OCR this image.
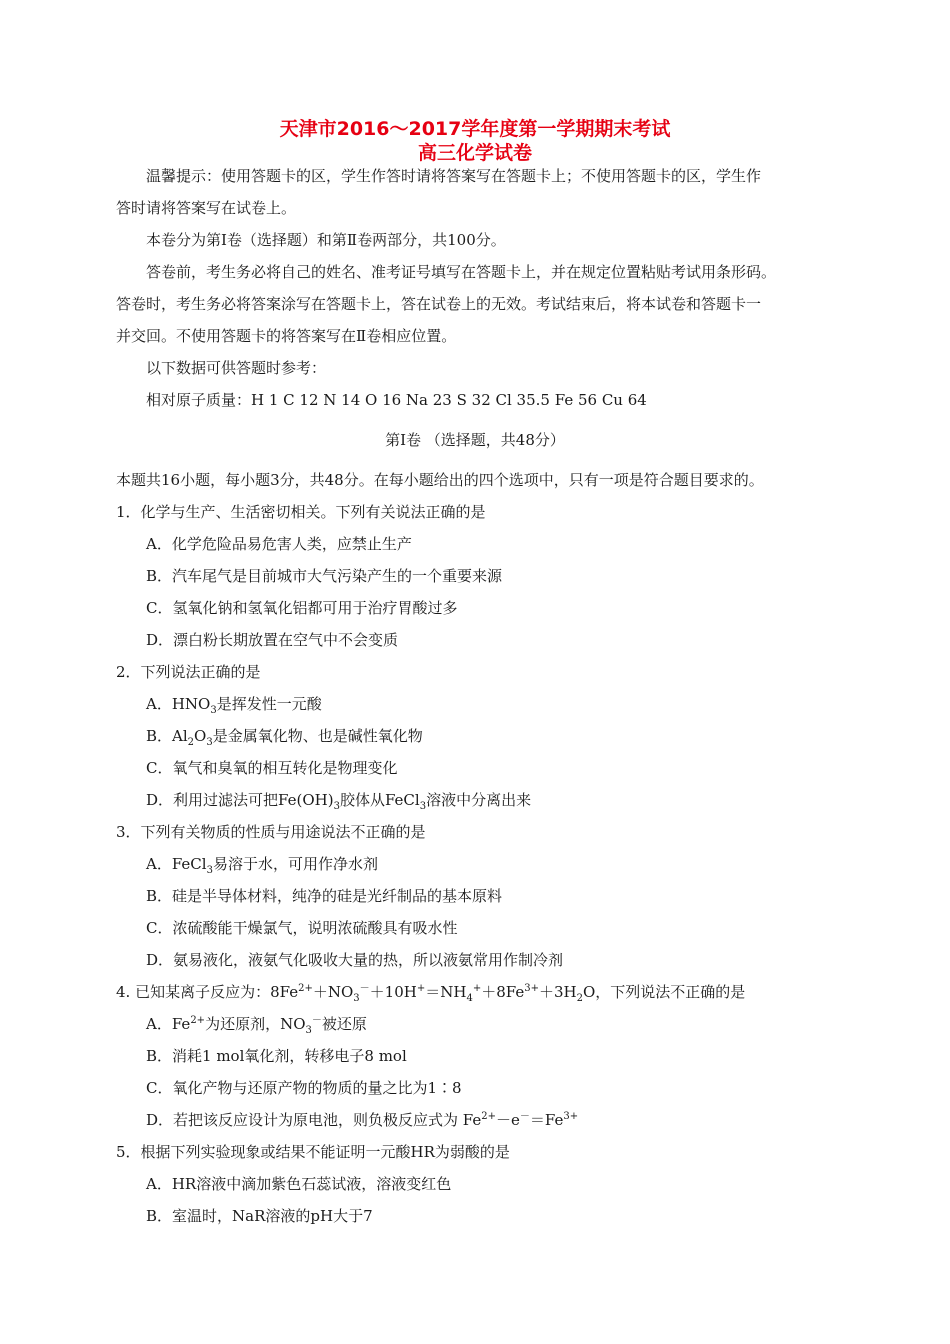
天津市2016～2017学年度第一学期期末考试
高三化学试卷
温馨提示：使用答题卡的区，学生作答时请将答案写在答题卡上；不使用答题卡的区，学生作
答时请将答案写在试卷上。
本卷分为第Ⅰ卷（选择题）和第Ⅱ卷两部分，共100分。
答卷前，考生务必将自己的姓名、准考证号填写在答题卡上，并在规定位置粘贴考试用条形码。
答卷时，考生务必将答案涂写在答题卡上，答在试卷上的无效。考试结束后，将本试卷和答题卡一
并交回。不使用答题卡的将答案写在Ⅱ卷相应位置。
以下数据可供答题时参考：
相对原子质量：H 1 C 12 N 14 O 16 Na 23 S 32 Cl 35.5 Fe 56 Cu 64
第Ⅰ卷 （选择题，共48分）
本题共16小题，每小题3分，共48分。在每小题给出的四个选项中，只有一项是符合题目要求的。
1．化学与生产、生活密切相关。下列有关说法正确的是
A．化学危险品易危害人类，应禁止生产
B．汽车尾气是目前城市大气污染产生的一个重要来源
C．氢氧化钠和氢氧化铝都可用于治疗胃酸过多
D．漂白粉长期放置在空气中不会变质
2．下列说法正确的是
A．$HNO_3$是挥发性一元酸
B．$Al_2O_3$是金属氧化物、也是碱性氧化物
C．氧气和臭氧的相互转化是物理变化
D．利用过滤法可把$Fe(OH)_3$胶体从FeCl$_3$溶液中分离出来
3．下列有关物质的性质与用途说法不正确的是
A．FeCl$_3$易溶于水，可用作净水剂
B．硅是半导体材料，纯净的硅是光纤制品的基本原料
C．浓硫酸能干燥氯气，说明浓硫酸具有吸水性
D．氨易液化，液氨气化吸收大量的热，所以液氨常用作制冷剂
4. 已知某离子反应为：$8Fe^{2+}+NO_3^-+10H^+=NH_4^++8Fe^{3+}+3H_2O$，下列说法不正确的是
A．$Fe^{2+}$为还原剂，$NO_3^-$被还原
B．消耗1 mol氧化剂，转移电子8 mol
C．氧化产物与还原产物的物质的量之比为1∶8
D．若把该反应设计为原电池，则负极反应式为 $Fe^{2+}-e^-=Fe^{3+}$
5．根据下列实验现象或结果不能证明一元酸HR为弱酸的是
A．HR溶液中滴加紫色石蕊试液，溶液变红色
B．室温时，NaR溶液的pH大于7
